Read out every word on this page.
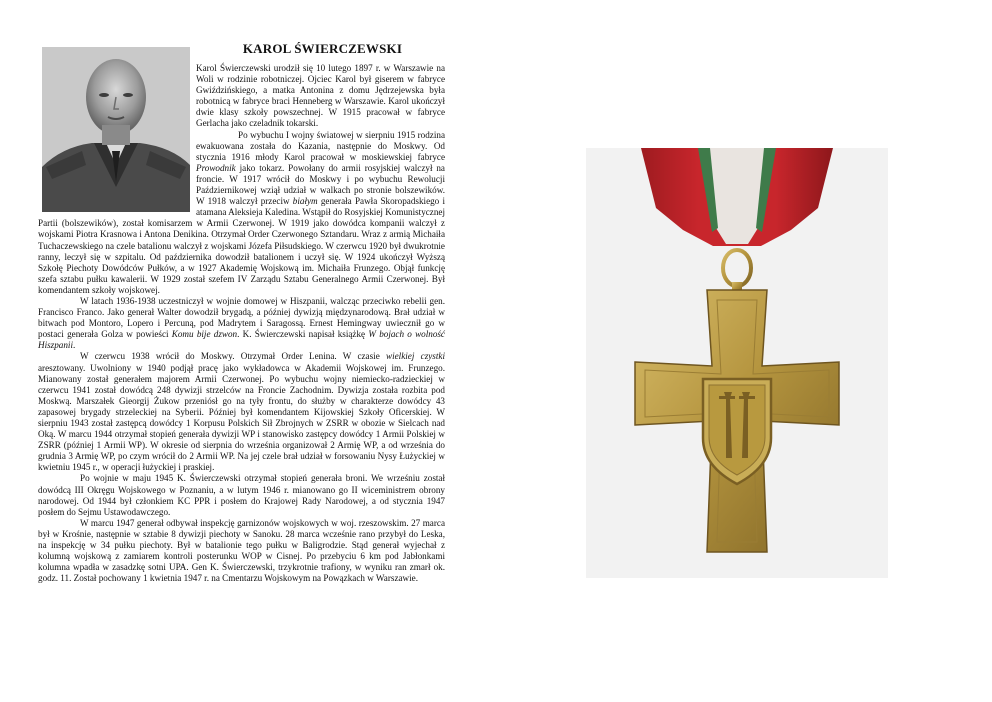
KAROL ŚWIERCZEWSKI

Karol Świerczewski urodził się 10 lutego 1897 r. w Warszawie na Woli w rodzinie robotniczej. Ojciec Karol był giserem w fabryce Gwiździńskiego, a matka Antonina z domu Jędrzejewska była robotnicą w fabryce braci Henneberg w Warszawie. Karol ukończył dwie klasy szkoły powszechnej. W 1915 pracował w fabryce Gerlacha jako czeladnik tokarski.

Po wybuchu I wojny światowej w sierpniu 1915 rodzina ewakuowana została do Kazania, następnie do Moskwy. Od stycznia 1916 młody Karol pracował w moskiewskiej fabryce Prowodnik jako tokarz. Powołany do armii rosyjskiej walczył na froncie. W 1917 wrócił do Moskwy i po wybuchu Rewolucji Październikowej wziął udział w walkach po stronie bolszewików. W 1918 walczył przeciw białym generała Pawła Skoropadskiego i atamana Aleksieja Kaledina. Wstąpił do Rosyjskiej Komunistycznej Partii (bolszewików), został komisarzem w Armii Czerwonej. W 1919 jako dowódca kompanii walczył z wojskami Piotra Krasnowa i Antona Denikina. Otrzymał Order Czerwonego Sztandaru. Wraz z armią Michaiła Tuchaczewskiego na czele batalionu walczył z wojskami Józefa Piłsudskiego. W czerwcu 1920 był dwukrotnie ranny, leczył się w szpitalu. Od października dowodził batalionem i uczył się. W 1924 ukończył Wyższą Szkołę Piechoty Dowódców Pułków, a w 1927 Akademię Wojskową im. Michaiła Frunzego. Objął funkcję szefa sztabu pułku kawalerii. W 1929 został szefem IV Zarządu Sztabu Generalnego Armii Czerwonej. Był komendantem szkoły wojskowej.

W latach 1936-1938 uczestniczył w wojnie domowej w Hiszpanii, walcząc przeciwko rebelii gen. Francisco Franco. Jako generał Walter dowodził brygadą, a później dywizją międzynarodową. Brał udział w bitwach pod Montoro, Lopero i Percuną, pod Madrytem i Saragossą. Ernest Hemingway uwiecznił go w postaci generała Golza w powieści Komu bije dzwon. K. Świerczewski napisał książkę W bojach o wolność Hiszpanii.

W czerwcu 1938 wrócił do Moskwy. Otrzymał Order Lenina. W czasie wielkiej czystki aresztowany. Uwolniony w 1940 podjął pracę jako wykładowca w Akademii Wojskowej im. Frunzego. Mianowany został generałem majorem Armii Czerwonej. Po wybuchu wojny niemiecko-radzieckiej w czerwcu 1941 został dowódcą 248 dywizji strzelców na Froncie Zachodnim. Dywizja została rozbita pod Moskwą. Marszałek Gieorgij Żukow przeniósł go na tyły frontu, do służby w charakterze dowódcy 43 zapasowej brygady strzeleckiej na Syberii. Później był komendantem Kijowskiej Szkoły Oficerskiej. W sierpniu 1943 został zastępcą dowódcy 1 Korpusu Polskich Sił Zbrojnych w ZSRR w obozie w Sielcach nad Oką. W marcu 1944 otrzymał stopień generała dywizji WP i stanowisko zastępcy dowódcy 1 Armii Polskiej w ZSRR (później 1 Armii WP). W okresie od sierpnia do września organizował 2 Armię WP, a od września do grudnia 3 Armię WP, po czym wrócił do 2 Armii WP. Na jej czele brał udział w forsowaniu Nysy Łużyckiej w kwietniu 1945 r., w operacji łużyckiej i praskiej.

Po wojnie w maju 1945 K. Świerczewski otrzymał stopień generała broni. We wrześniu został dowódcą III Okręgu Wojskowego w Poznaniu, a w lutym 1946 r. mianowano go II wiceministrem obrony narodowej. Od 1944 był członkiem KC PPR i posłem do Krajowej Rady Narodowej, a od stycznia 1947 posłem do Sejmu Ustawodawczego.

W marcu 1947 generał odbywał inspekcję garnizonów wojskowych w woj. rzeszowskim. 27 marca był w Krośnie, następnie w sztabie 8 dywizji piechoty w Sanoku. 28 marca wcześnie rano przybył do Leska, na inspekcję w 34 pułku piechoty. Był w batalionie tego pułku w Baligrodzie. Stąd generał wyjechał z kolumną wojskową z zamiarem kontroli posterunku WOP w Cisnej. Po przebyciu 6 km pod Jabłonkami kolumna wpadła w zasadzkę sotni UPA. Gen K. Świerczewski, trzykrotnie trafiony, w wyniku ran zmarł ok. godz. 11. Został pochowany 1 kwietnia 1947 r. na Cmentarzu Wojskowym na Powązkach w Warszawie.
